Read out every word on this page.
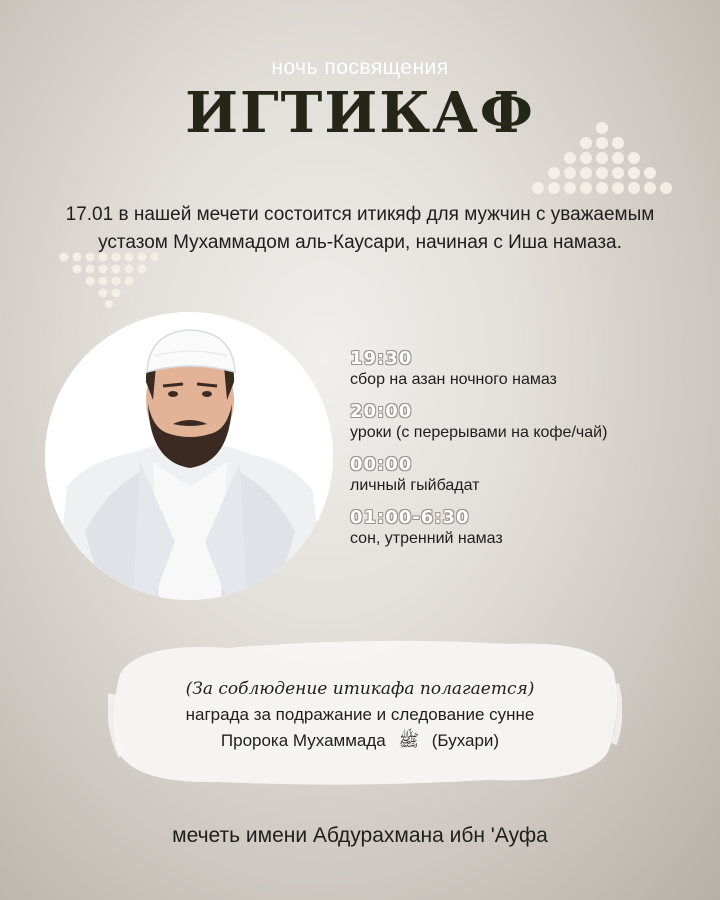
ночь посвящения
ИГТИКАФ
17.01 в нашей мечети состоится итикяф для мужчин с уважаемым
устазом Мухаммадом аль-Каусари, начиная с Иша намаза.
19:30
сбор на азан ночного намаз
20:00
уроки (с перерывами на кофе/чай)
00:00
личный гыйбадат
01:00-6:30
сон, утренний намаз
(За соблюдение итикафа полагается)
награда за подражание и следование сунне
Пророка Мухаммада ﷺ (Бухари)
мечеть имени Абдурахмана ибн 'Ауфа
